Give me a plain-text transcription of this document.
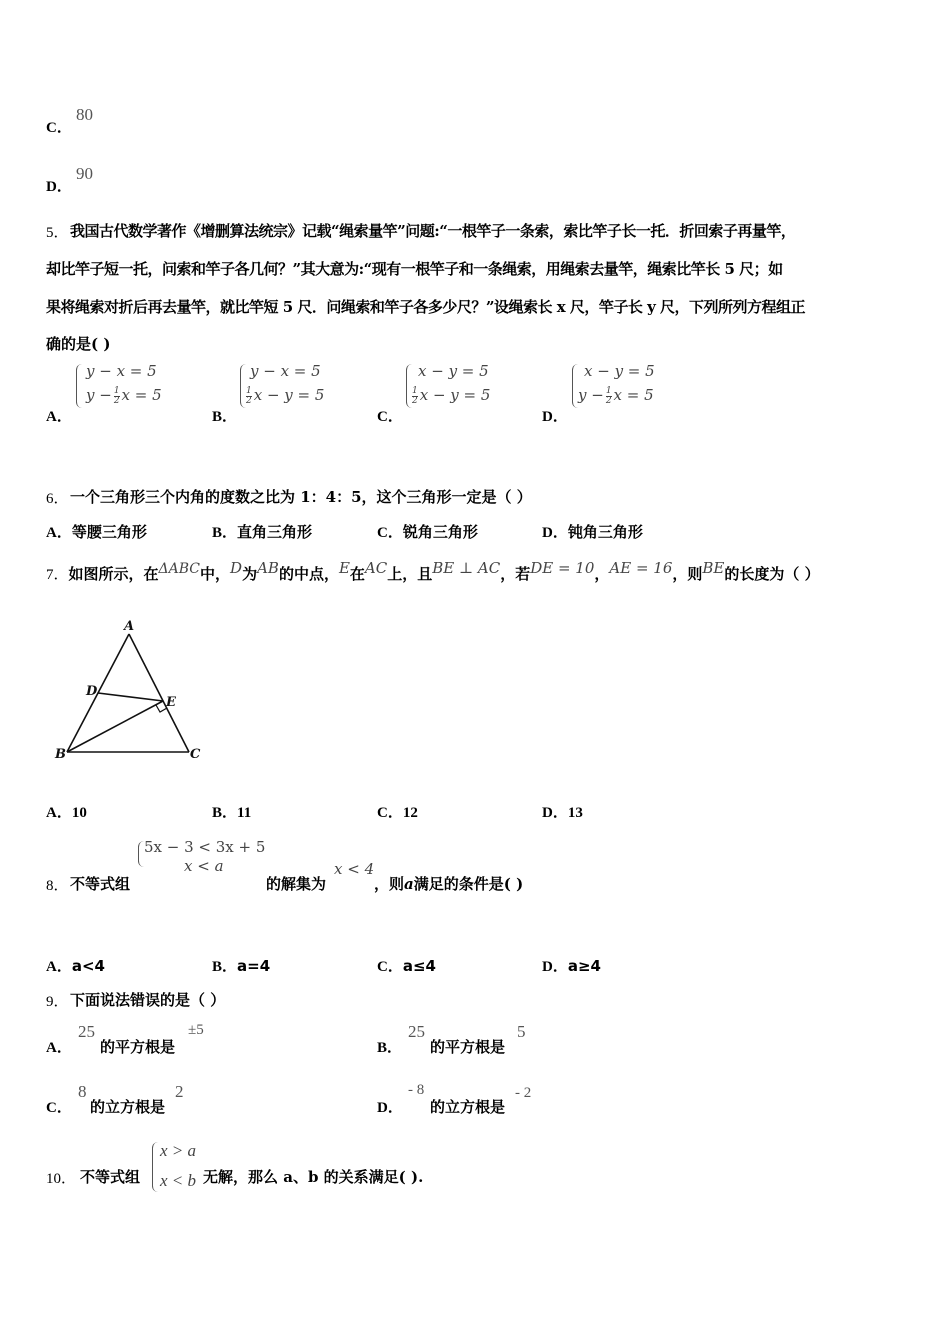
C．
80
D．
90
5． 我国古代数学著作《增删算法统宗》记载“绳索量竿”问题:“一根竿子一条索，索比竿子长一托．折回索子再量竿，
却比竿子短一托，问索和竿子各几何？”其大意为:“现有一根竿子和一条绳索，用绳索去量竿，绳索比竿长 5 尺；如
果将绳索对折后再去量竿，就比竿短 5 尺．问绳索和竿子各多少尺？”设绳索长 x 尺，竿子长 y 尺，下列所列方程组正
确的是( )
A．
y − x = 5
$y - \frac{1}{2}$ x = 5
B．
y − x = 5
$\frac{1}{2}$ x − y = 5
C．
x − y = 5
$\frac{1}{2}$ x − y = 5
D．
x − y = 5
$y - \frac{1}{2}$ x = 5
6． 一个三角形三个内角的度数之比为 1：4：5，这个三角形一定是（ ）
A．等腰三角形	B．直角三角形	C．锐角三角形	D．钝角三角形
7．如图所示，在ΔABC中，D为AB的中点，E在AC上，且BE ⊥ AC，若DE = 10，AE = 16，则BE的长度为（ ）
A
D
E
B	C
A．10	B．11	C．12	D．13
8． 不等式组
5x − 3 < 3x + 5
x < a
的解集为
x < 4
，则a满足的条件是( )
A．a<4	B．a=4	C．a≤4	D．a≥4
9． 下面说法错误的是（ ）
A．
25
的平方根是
±5
B．
25
的平方根是
5
C．
8
的立方根是
2
D．
- 8
的立方根是
- 2
10． 不等式组
x > a
x < b 无解，那么 a、b 的关系满足( ).
